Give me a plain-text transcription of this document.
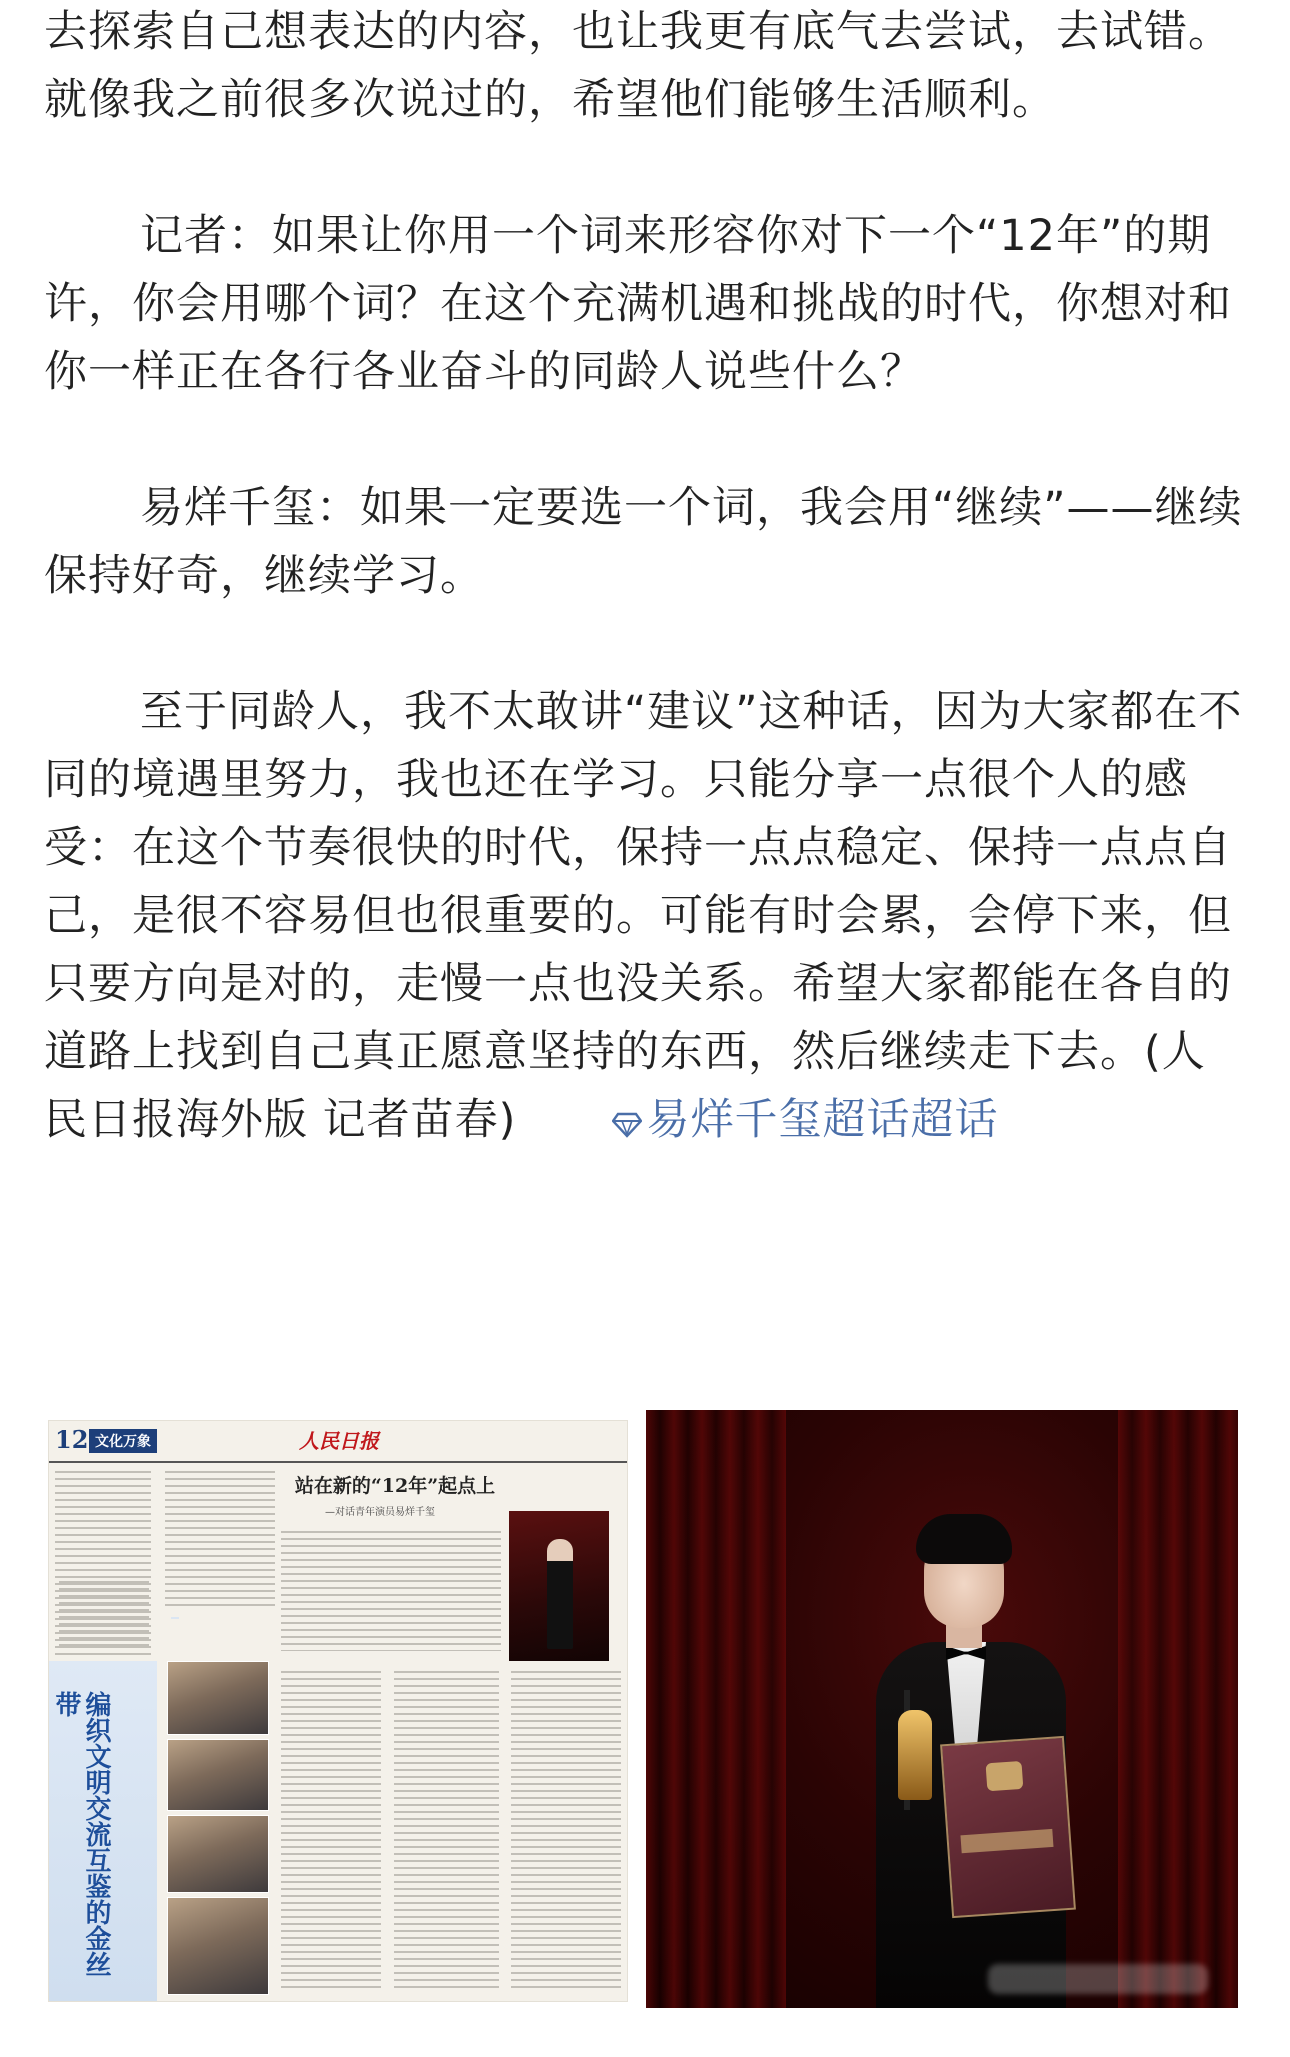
去探索自己想表达的内容，也让我更有底气去尝试，去试错。就像我之前很多次说过的，希望他们能够生活顺利。

记者：如果让你用一个词来形容你对下一个“12年”的期许，你会用哪个词？在这个充满机遇和挑战的时代，你想对和你一样正在各行各业奋斗的同龄人说些什么？

易烊千玺：如果一定要选一个词，我会用“继续”——继续保持好奇，继续学习。

至于同龄人，我不太敢讲“建议”这种话，因为大家都在不同的境遇里努力，我也还在学习。只能分享一点很个人的感受：在这个节奏很快的时代，保持一点点稳定、保持一点点自己，是很不容易但也很重要的。可能有时会累，会停下来，但只要方向是对的，走慢一点也没关系。希望大家都能在各自的道路上找到自己真正愿意坚持的东西，然后继续走下去。(人民日报海外版 记者苗春)	易烊千玺超话超话

12 文化万象	人民日报
编织文明交流互鉴的金丝带
站在新的“12年”起点上
—对话青年演员易烊千玺
